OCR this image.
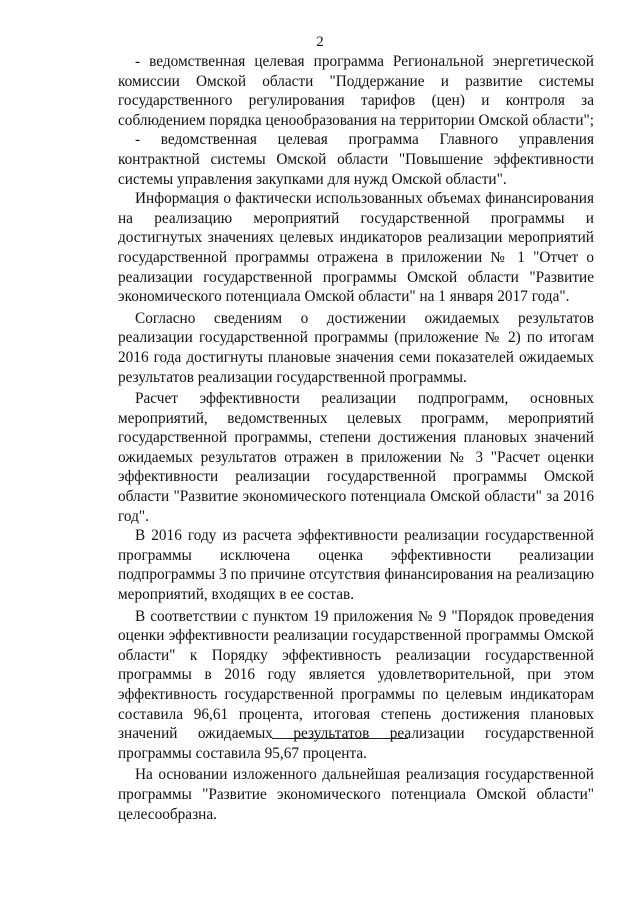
2

- ведомственная целевая программа Региональной энергетической комиссии Омской области "Поддержание и развитие системы государственного регулирования тарифов (цен) и контроля за соблюдением порядка ценообразования на территории Омской области";

- ведомственная целевая программа Главного управления контрактной системы Омской области "Повышение эффективности системы управления закупками для нужд Омской области".

Информация о фактически использованных объемах финансирования на реализацию мероприятий государственной программы и достигнутых значениях целевых индикаторов реализации мероприятий государственной программы отражена в приложении № 1 "Отчет о реализации государственной программы Омской области "Развитие экономического потенциала Омской области" на 1 января 2017 года".

Согласно сведениям о достижении ожидаемых результатов реализации государственной программы (приложение № 2) по итогам 2016 года достигнуты плановые значения семи показателей ожидаемых результатов реализации государственной программы.

Расчет эффективности реализации подпрограмм, основных мероприятий, ведомственных целевых программ, мероприятий государственной программы, степени достижения плановых значений ожидаемых результатов отражен в приложении № 3 "Расчет оценки эффективности реализации государственной программы Омской области "Развитие экономического потенциала Омской области" за 2016 год".

В 2016 году из расчета эффективности реализации государственной программы исключена оценка эффективности реализации подпрограммы 3 по причине отсутствия финансирования на реализацию мероприятий, входящих в ее состав.

В соответствии с пунктом 19 приложения № 9 "Порядок проведения оценки эффективности реализации государственной программы Омской области" к Порядку эффективность реализации государственной программы в 2016 году является удовлетворительной, при этом эффективность государственной программы по целевым индикаторам составила 96,61 процента, итоговая степень достижения плановых значений ожидаемых результатов реализации государственной программы составила 95,67 процента.

На основании изложенного дальнейшая реализация государственной программы "Развитие экономического потенциала Омской области" целесообразна.
